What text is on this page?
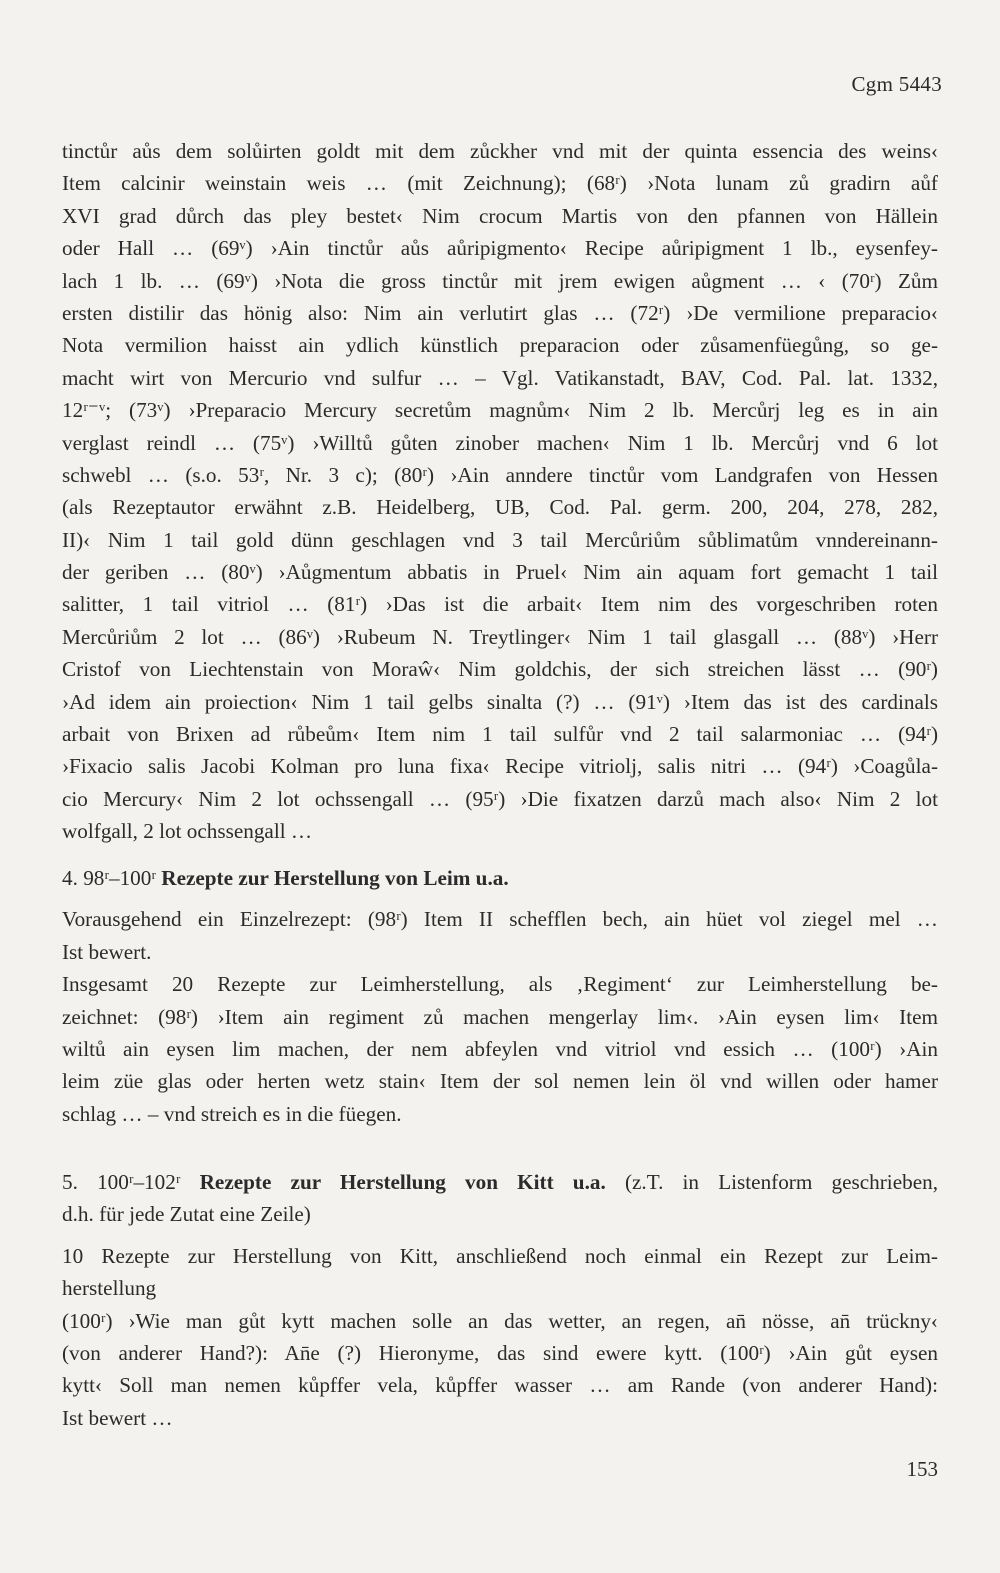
Cgm 5443
tinctůr aůs dem solůirten goldt mit dem zůckher vnd mit der quinta essencia des weins‹
Item calcinir weinstain weis … (mit Zeichnung); (68ʳ) ›Nota lunam zů gradirn aůf
XVI grad důrch das pley bestet‹ Nim crocum Martis von den pfannen von Hällein
oder Hall … (69ᵛ) ›Ain tinctůr aůs aůripigmento‹ Recipe aůripigment 1 lb., eysenfey-
lach 1 lb. … (69ᵛ) ›Nota die gross tinctůr mit jrem ewigen aůgment … ‹ (70ʳ) Zům
ersten distilir das hönig also: Nim ain verlutirt glas … (72ʳ) ›De vermilione preparacio‹
Nota vermilion haisst ain ydlich künstlich preparacion oder zůsamenfüegůng, so ge-
macht wirt von Mercurio vnd sulfur … – Vgl. Vatikanstadt, BAV, Cod. Pal. lat. 1332,
12ʳ⁻ᵛ; (73ᵛ) ›Preparacio Mercury secretům magnům‹ Nim 2 lb. Mercůrj leg es in ain
verglast reindl … (75ᵛ) ›Willtů gůten zinober machen‹ Nim 1 lb. Mercůrj vnd 6 lot
schwebl … (s.o. 53ʳ, Nr. 3 c); (80ʳ) ›Ain anndere tinctůr vom Landgrafen von Hessen
(als Rezeptautor erwähnt z.B. Heidelberg, UB, Cod. Pal. germ. 200, 204, 278, 282,
II)‹ Nim 1 tail gold dünn geschlagen vnd 3 tail Mercůriům sůblimatům vnndereinann-
der geriben … (80ᵛ) ›Aůgmentum abbatis in Pruel‹ Nim ain aquam fort gemacht 1 tail
salitter, 1 tail vitriol … (81ʳ) ›Das ist die arbait‹ Item nim des vorgeschriben roten
Mercůriům 2 lot … (86ᵛ) ›Rubeum N. Treytlinger‹ Nim 1 tail glasgall … (88ᵛ) ›Herr
Cristof von Liechtenstain von Moraŵ‹ Nim goldchis, der sich streichen lässt … (90ʳ)
›Ad idem ain proiection‹ Nim 1 tail gelbs sinalta (?) … (91ᵛ) ›Item das ist des cardinals
arbait von Brixen ad růbeům‹ Item nim 1 tail sulfůr vnd 2 tail salarmoniac … (94ʳ)
›Fixacio salis Jacobi Kolman pro luna fixa‹ Recipe vitriolj, salis nitri … (94ʳ) ›Coagůla-
cio Mercury‹ Nim 2 lot ochssengall … (95ʳ) ›Die fixatzen darzů mach also‹ Nim 2 lot
wolfgall, 2 lot ochssengall …
4. 98ʳ–100ʳ Rezepte zur Herstellung von Leim u.a.
Vorausgehend ein Einzelrezept: (98ʳ) Item II schefflen bech, ain hüet vol ziegel mel …
Ist bewert.
Insgesamt 20 Rezepte zur Leimherstellung, als ‚Regiment‘ zur Leimherstellung be-
zeichnet: (98ʳ) ›Item ain regiment zů machen mengerlay lim‹. ›Ain eysen lim‹ Item
wiltů ain eysen lim machen, der nem abfeylen vnd vitriol vnd essich … (100ʳ) ›Ain
leim züe glas oder herten wetz stain‹ Item der sol nemen lein öl vnd willen oder hamer
schlag … – vnd streich es in die füegen.
5. 100ʳ–102ʳ Rezepte zur Herstellung von Kitt u.a. (z.T. in Listenform geschrieben,
d.h. für jede Zutat eine Zeile)
10 Rezepte zur Herstellung von Kitt, anschließend noch einmal ein Rezept zur Leim-
herstellung
(100ʳ) ›Wie man gůt kytt machen solle an das wetter, an regen, an̄ nösse, an̄ trückny‹
(von anderer Hand?): An̄e (?) Hieronyme, das sind ewere kytt. (100ʳ) ›Ain gůt eysen
kytt‹ Soll man nemen kůpffer vela, kůpffer wasser … am Rande (von anderer Hand):
Ist bewert …
153
